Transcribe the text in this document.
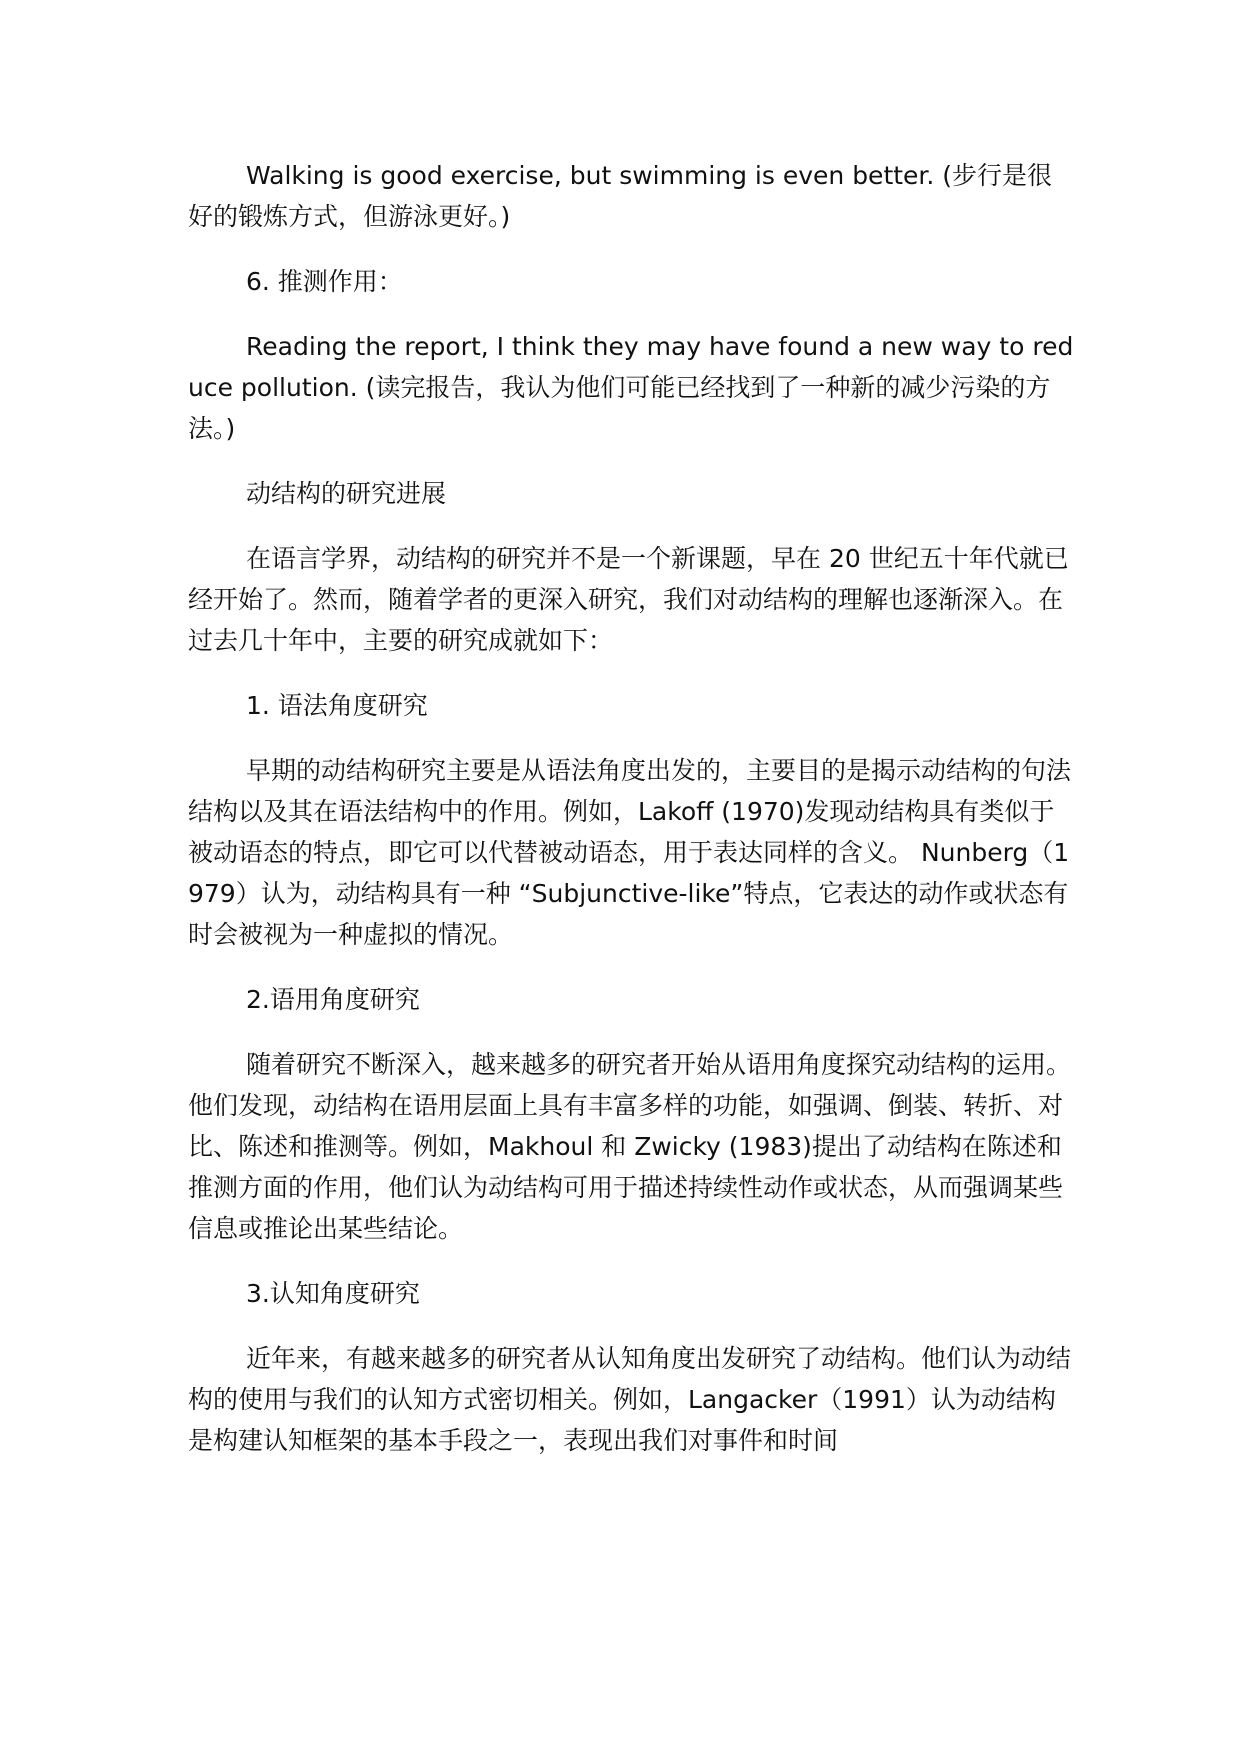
Walking is good exercise, but swimming is even better. (步行是很好的锻炼方式，但游泳更好。)

6. 推测作用：

Reading the report, I think they may have found a new way to reduce pollution. (读完报告，我认为他们可能已经找到了一种新的减少污染的方法。)

动结构的研究进展

在语言学界，动结构的研究并不是一个新课题，早在 20 世纪五十年代就已经开始了。然而，随着学者的更深入研究，我们对动结构的理解也逐渐深入。在过去几十年中，主要的研究成就如下：

1. 语法角度研究

早期的动结构研究主要是从语法角度出发的，主要目的是揭示动结构的句法结构以及其在语法结构中的作用。例如，Lakoff (1970)发现动结构具有类似于被动语态的特点，即它可以代替被动语态，用于表达同样的含义。 Nunberg（1979）认为，动结构具有一种 “Subjunctive-like”特点，它表达的动作或状态有时会被视为一种虚拟的情况。

2.语用角度研究

随着研究不断深入，越来越多的研究者开始从语用角度探究动结构的运用。他们发现，动结构在语用层面上具有丰富多样的功能，如强调、倒装、转折、对比、陈述和推测等。例如，Makhoul 和 Zwicky (1983)提出了动结构在陈述和推测方面的作用，他们认为动结构可用于描述持续性动作或状态，从而强调某些信息或推论出某些结论。

3.认知角度研究

近年来，有越来越多的研究者从认知角度出发研究了动结构。他们认为动结构的使用与我们的认知方式密切相关。例如，Langacker（1991）认为动结构是构建认知框架的基本手段之一，表现出我们对事件和时间
